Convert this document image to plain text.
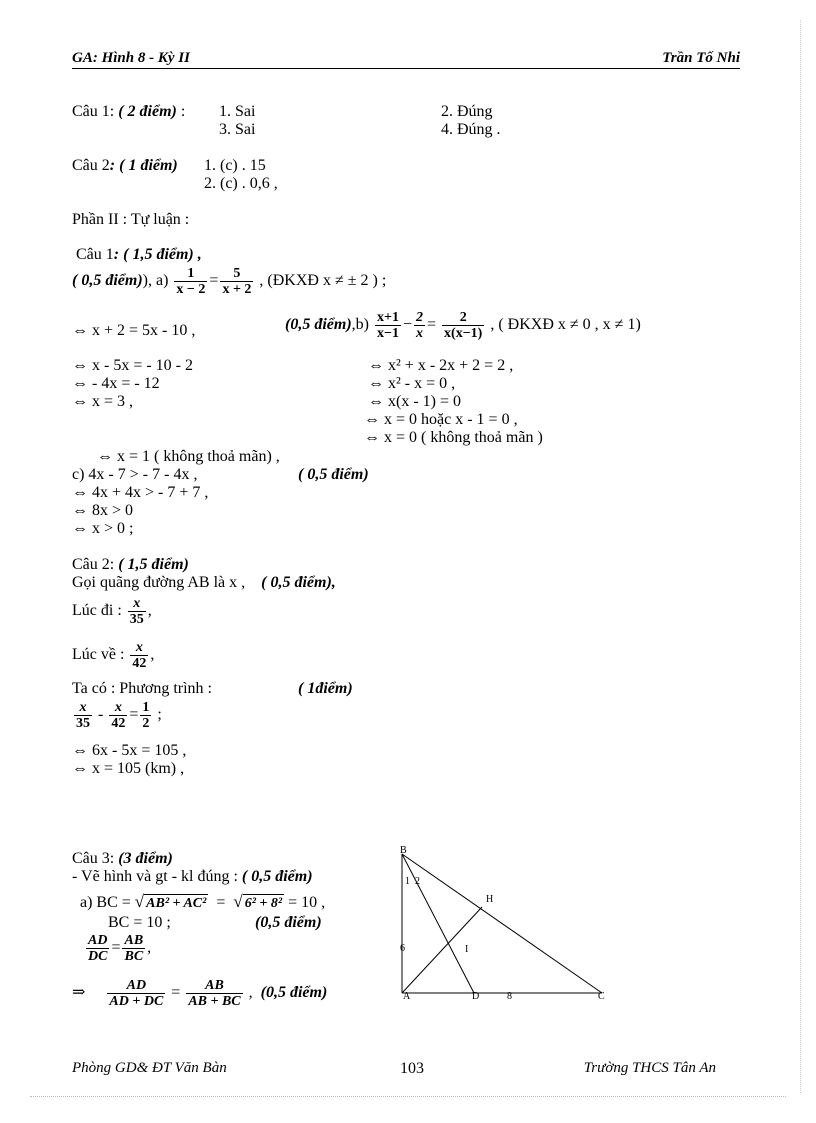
GA: Hình 8 - Kỳ II	Trần Tố Nhi
Câu 1: ( 2 điểm) : 1. Sai	2. Đúng
3. Sai	4. Đúng .
Câu 2: ( 1 điểm) 1. (c) . 15
2. (c) . 0,6 ,
Phần II : Tự luận :
Câu 1: ( 1,5 điểm) ,
( 0,5 điểm)), $a) \frac{1}{x - 2} = \frac{5}{x + 2}$ , (ĐKXĐ x ≠ ± 2 ) ;
⇔ x + 2 = 5x - 10 ,	(0,5 điểm),b) $\frac{x+1}{x-1} - \frac{2}{x} = \frac{2}{x(x-1)}$ , ( ĐKXĐ x ≠ 0 , x ≠ 1)
⇔ x - 5x = - 10 - 2
⇔ - 4x = - 12
⇔ x = 3 ,
⇔ x² + x - 2x + 2 = 2 ,
⇔ x² - x = 0 ,
⇔ x(x - 1) = 0
⇔ x = 0 hoặc x - 1 = 0 ,
⇔ x = 0 ( không thoả mãn )
⇔ x = 1 ( không thoả mãn) ,
c) 4x - 7 > - 7 - 4x ,	( 0,5 điểm)
⇔ 4x + 4x > - 7 + 7 ,
⇔ 8x > 0
⇔ x > 0 ;
Câu 2: ( 1,5 điểm)
Gọi quãng đường AB là x , ( 0,5 điểm),
Lúc đi : $\frac{x}{35}$ ,
Lúc về : $\frac{x}{42}$ ,
Ta có : Phương trình :	( 1điểm)
$\frac{x}{35} - \frac{x}{42} = \frac{1}{2}$ ;
⇔ 6x - 5x = 105 ,
⇔ x = 105 (km) ,
Câu 3: (3 điểm)
- Vẽ hình và gt - kl đúng : ( 0,5 điểm)
a) BC = √ AB² + AC² = √ 6² + 8² = 10 ,
BC = 10 ;	(0,5 điểm)
$\frac{AD}{DC} = \frac{AB}{BC}$ ,
⇒ $\frac{AD}{AD + DC} = \frac{AB}{AB + BC}$ , (0,5 điểm)
B
1 2
H
I
6
A	D	8	C
Phòng GD& ĐT Văn Bàn	103	Trường THCS Tân An
